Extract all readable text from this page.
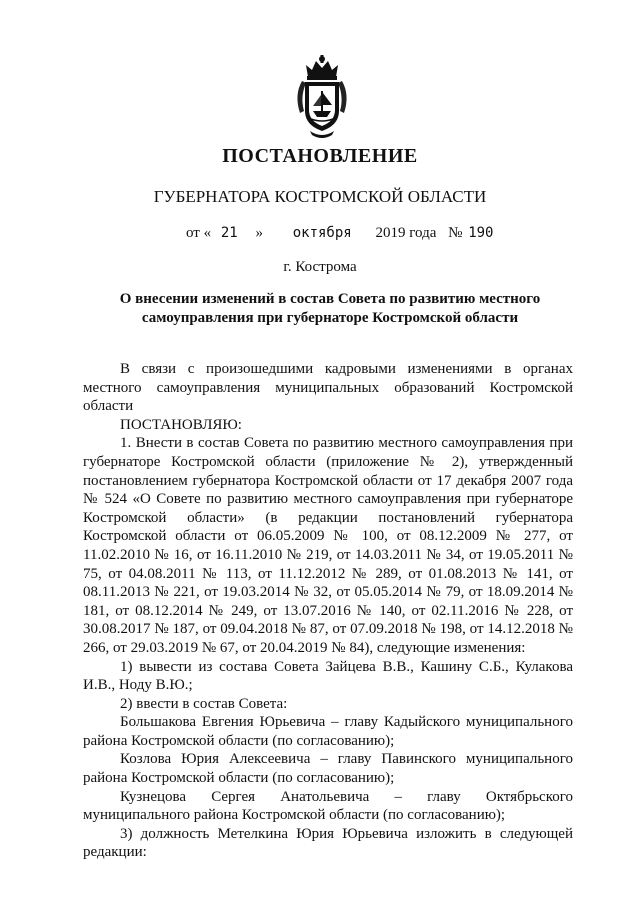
ПОСТАНОВЛЕНИЕ
ГУБЕРНАТОРА КОСТРОМСКОЙ ОБЛАСТИ
от « 21 » октября 2019 года № 190
г. Кострома
О внесении изменений в состав Совета по развитию местного самоуправления при губернаторе Костромской области

В связи с произошедшими кадровыми изменениями в органах местного самоуправления муниципальных образований Костромской области

ПОСТАНОВЛЯЮ:

1. Внести в состав Совета по развитию местного самоуправления при губернаторе Костромской области (приложение № 2), утвержденный постановлением губернатора Костромской области от 17 декабря 2007 года № 524 «О Совете по развитию местного самоуправления при губернаторе Костромской области» (в редакции постановлений губернатора Костромской области от 06.05.2009 № 100, от 08.12.2009 № 277, от 11.02.2010 № 16, от 16.11.2010 № 219, от 14.03.2011 № 34, от 19.05.2011 № 75, от 04.08.2011 № 113, от 11.12.2012 № 289, от 01.08.2013 № 141, от 08.11.2013 № 221, от 19.03.2014 № 32, от 05.05.2014 № 79, от 18.09.2014 № 181, от 08.12.2014 № 249, от 13.07.2016 № 140, от 02.11.2016 № 228, от 30.08.2017 № 187, от 09.04.2018 № 87, от 07.09.2018 № 198, от 14.12.2018 № 266, от 29.03.2019 № 67, от 20.04.2019 № 84), следующие изменения:

1) вывести из состава Совета Зайцева В.В., Кашину С.Б., Кулакова И.В., Ноду В.Ю.;

2) ввести в состав Совета:

Большакова Евгения Юрьевича – главу Кадыйского муниципального района Костромской области (по согласованию);

Козлова Юрия Алексеевича – главу Павинского муниципального района Костромской области (по согласованию);

Кузнецова Сергея Анатольевича – главу Октябрьского муниципального района Костромской области (по согласованию);

3) должность Метелкина Юрия Юрьевича изложить в следующей редакции:
